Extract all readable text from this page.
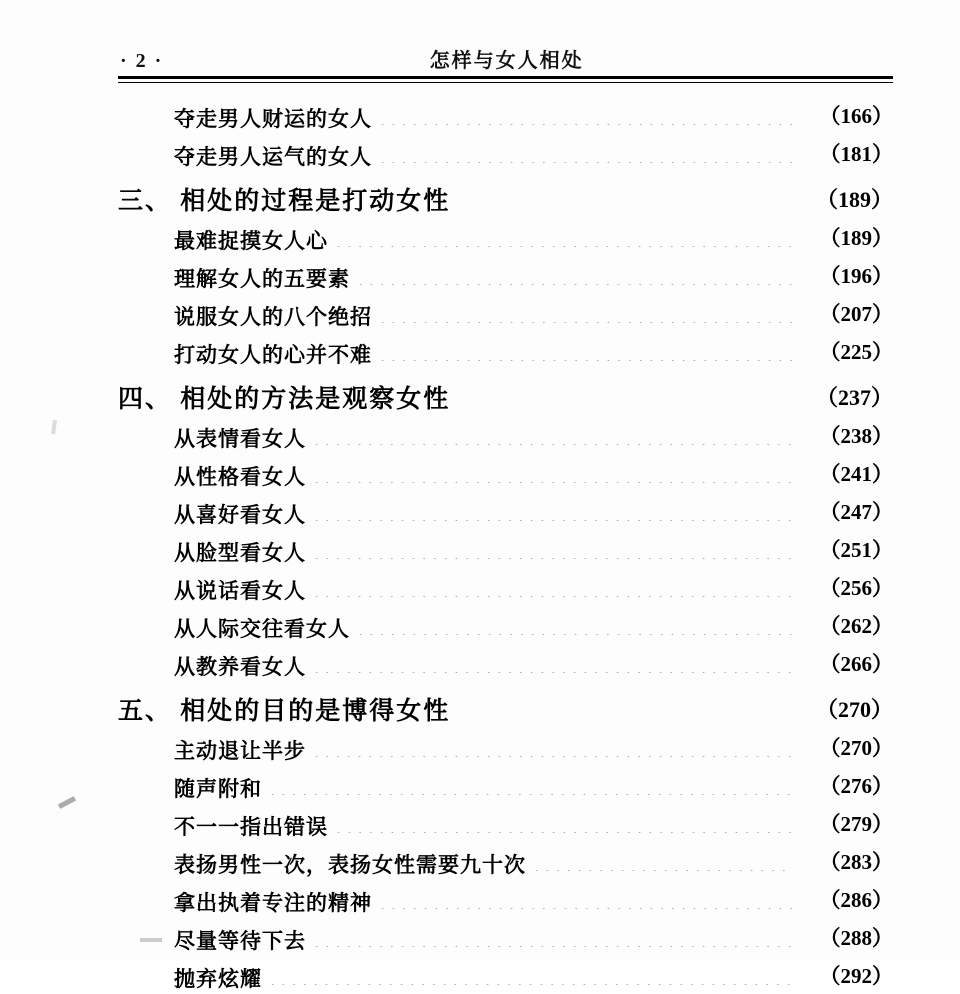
· 2 ·	怎样与女人相处
夺走男人财运的女人 .....	（166）
夺走男人运气的女人 .....	（181）
三、 相处的过程是打动女性 .....	（189）
最难捉摸女人心 .....	（189）
理解女人的五要素 .....	（196）
说服女人的八个绝招 .....	（207）
打动女人的心并不难 .....	（225）
四、 相处的方法是观察女性 .....	（237）
从表情看女人 .....	（238）
从性格看女人 .....	（241）
从喜好看女人 .....	（247）
从脸型看女人 .....	（251）
从说话看女人 .....	（256）
从人际交往看女人 .....	（262）
从教养看女人 .....	（266）
五、 相处的目的是博得女性 .....	（270）
主动退让半步 .....	（270）
随声附和 .....	（276）
不一一指出错误 .....	（279）
表扬男性一次，表扬女性需要九十次 .....	（283）
拿出执着专注的精神 .....	（286）
尽量等待下去 .....	（288）
抛弃炫耀 .....	（292）
